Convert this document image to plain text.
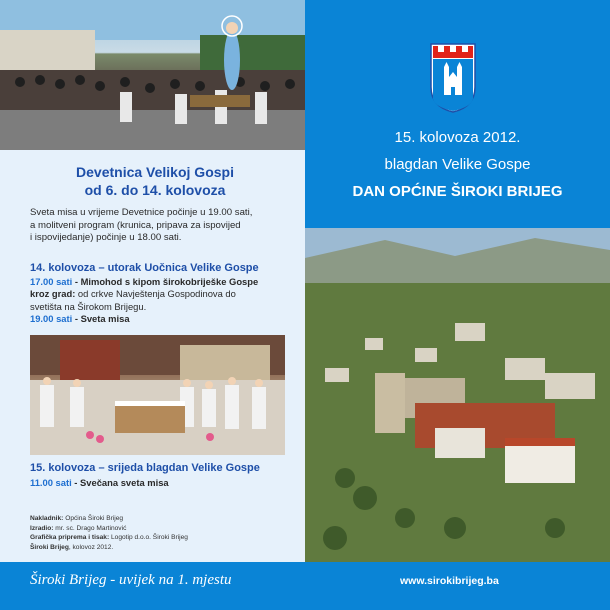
Devetnica Velikoj Gospi
od 6. do 14. kolovoza
Sveta misa u vrijeme Devetnice počinje u 19.00 sati,
a molitveni program (krunica, pripava za ispovijed
i ispovijedanje) počinje u 18.00 sati.
14. kolovoza – utorak Uočnica Velike Gospe
17.00 sati - Mimohod s kipom širokobriješke Gospe
kroz grad: od crkve Navještenja Gospodinova do
svetišta na Širokom Brijegu.
19.00 sati - Sveta misa
15. kolovoza – srijeda blagdan Velike Gospe
11.00 sati - Svečana sveta misa
Nakladnik: Općina Široki Brijeg
Izradio: mr. sc. Drago Martinović
Grafička priprema i tisak: Logotip d.o.o. Široki Brijeg
Široki Brijeg, kolovoz 2012.
15. kolovoza 2012.
blagdan Velike Gospe
DAN OPĆINE ŠIROKI BRIJEG
Široki Brijeg - uvijek na 1. mjestu	www.sirokibrijeg.ba
